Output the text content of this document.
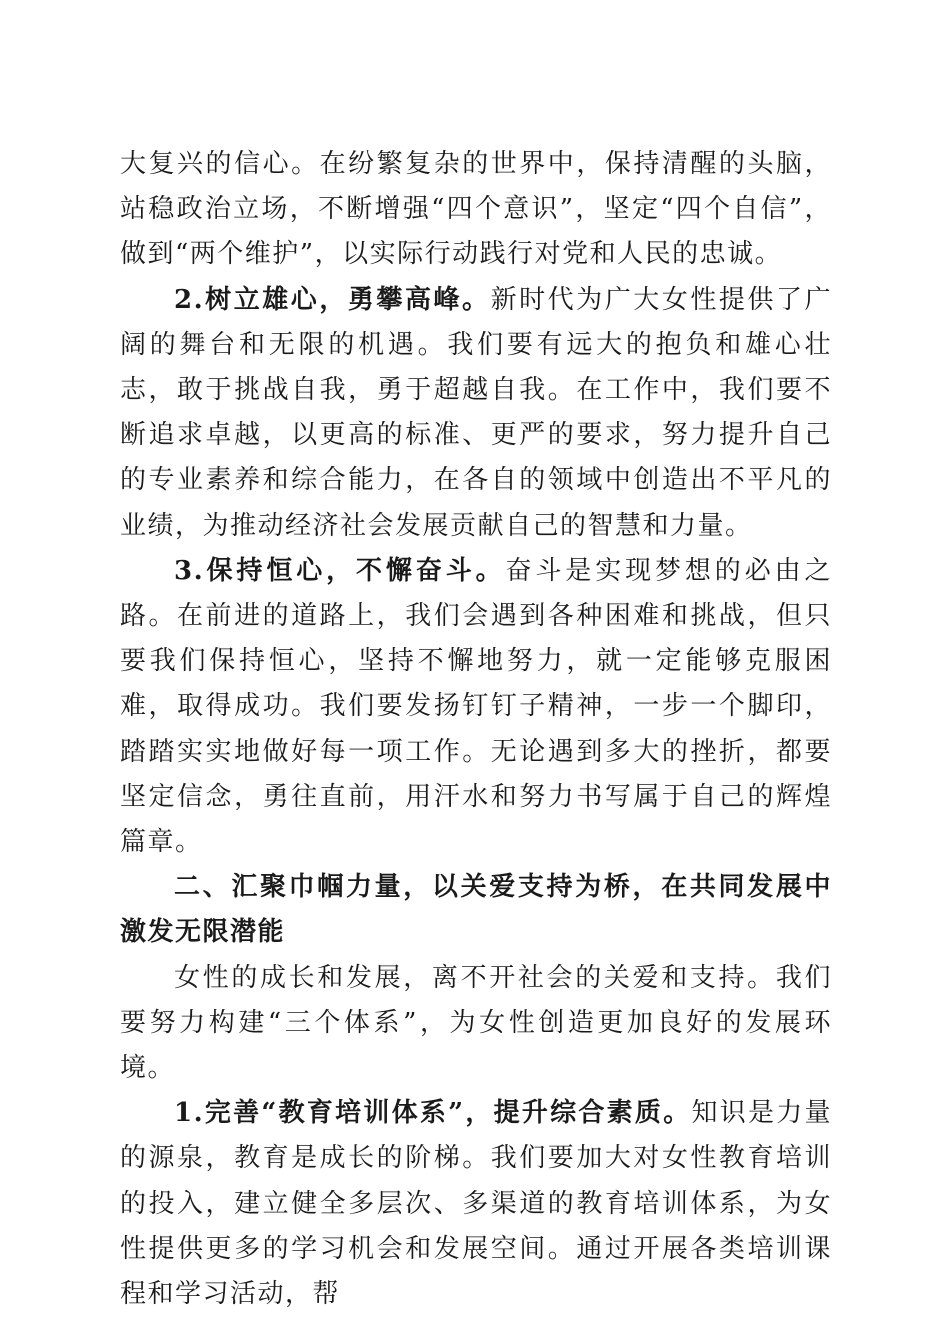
大复兴的信心。在纷繁复杂的世界中，保持清醒的头脑，站稳政治立场，不断增强“四个意识”，坚定“四个自信”，做到“两个维护”，以实际行动践行对党和人民的忠诚。

2.树立雄心，勇攀高峰。新时代为广大女性提供了广阔的舞台和无限的机遇。我们要有远大的抱负和雄心壮志，敢于挑战自我，勇于超越自我。在工作中，我们要不断追求卓越，以更高的标准、更严的要求，努力提升自己的专业素养和综合能力，在各自的领域中创造出不平凡的业绩，为推动经济社会发展贡献自己的智慧和力量。

3.保持恒心，不懈奋斗。奋斗是实现梦想的必由之路。在前进的道路上，我们会遇到各种困难和挑战，但只要我们保持恒心，坚持不懈地努力，就一定能够克服困难，取得成功。我们要发扬钉钉子精神，一步一个脚印，踏踏实实地做好每一项工作。无论遇到多大的挫折，都要坚定信念，勇往直前，用汗水和努力书写属于自己的辉煌篇章。

二、汇聚巾帼力量，以关爱支持为桥，在共同发展中激发无限潜能

女性的成长和发展，离不开社会的关爱和支持。我们要努力构建“三个体系”，为女性创造更加良好的发展环境。

1.完善“教育培训体系”，提升综合素质。知识是力量的源泉，教育是成长的阶梯。我们要加大对女性教育培训的投入，建立健全多层次、多渠道的教育培训体系，为女性提供更多的学习机会和发展空间。通过开展各类培训课程和学习活动，帮
